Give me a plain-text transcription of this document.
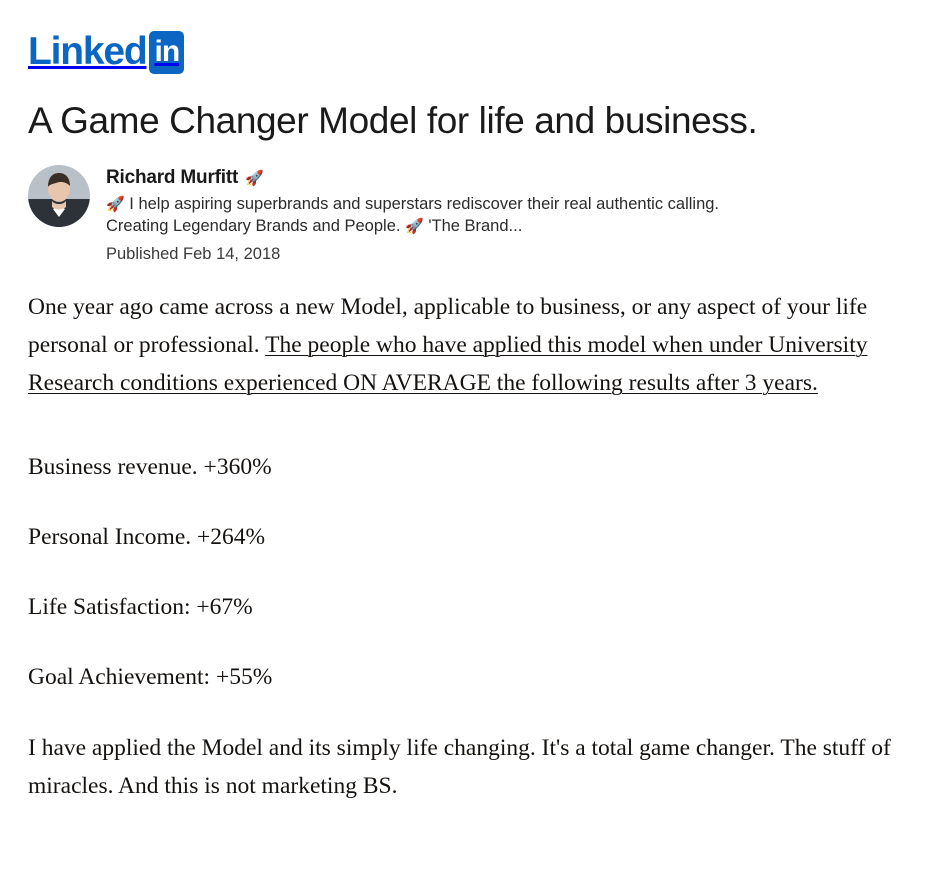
Linked in
A Game Changer Model for life and business.
Richard Murfitt 🚀
🚀 I help aspiring superbrands and superstars rediscover their real authentic calling. Creating Legendary Brands and People. 🚀 'The Brand...
Published Feb 14, 2018

One year ago came across a new Model, applicable to business, or any aspect of your life personal or professional. The people who have applied this model when under University Research conditions experienced ON AVERAGE the following results after 3 years.

Business revenue. +360%

Personal Income. +264%

Life Satisfaction: +67%

Goal Achievement: +55%

I have applied the Model and its simply life changing. It's a total game changer. The stuff of miracles. And this is not marketing BS.
